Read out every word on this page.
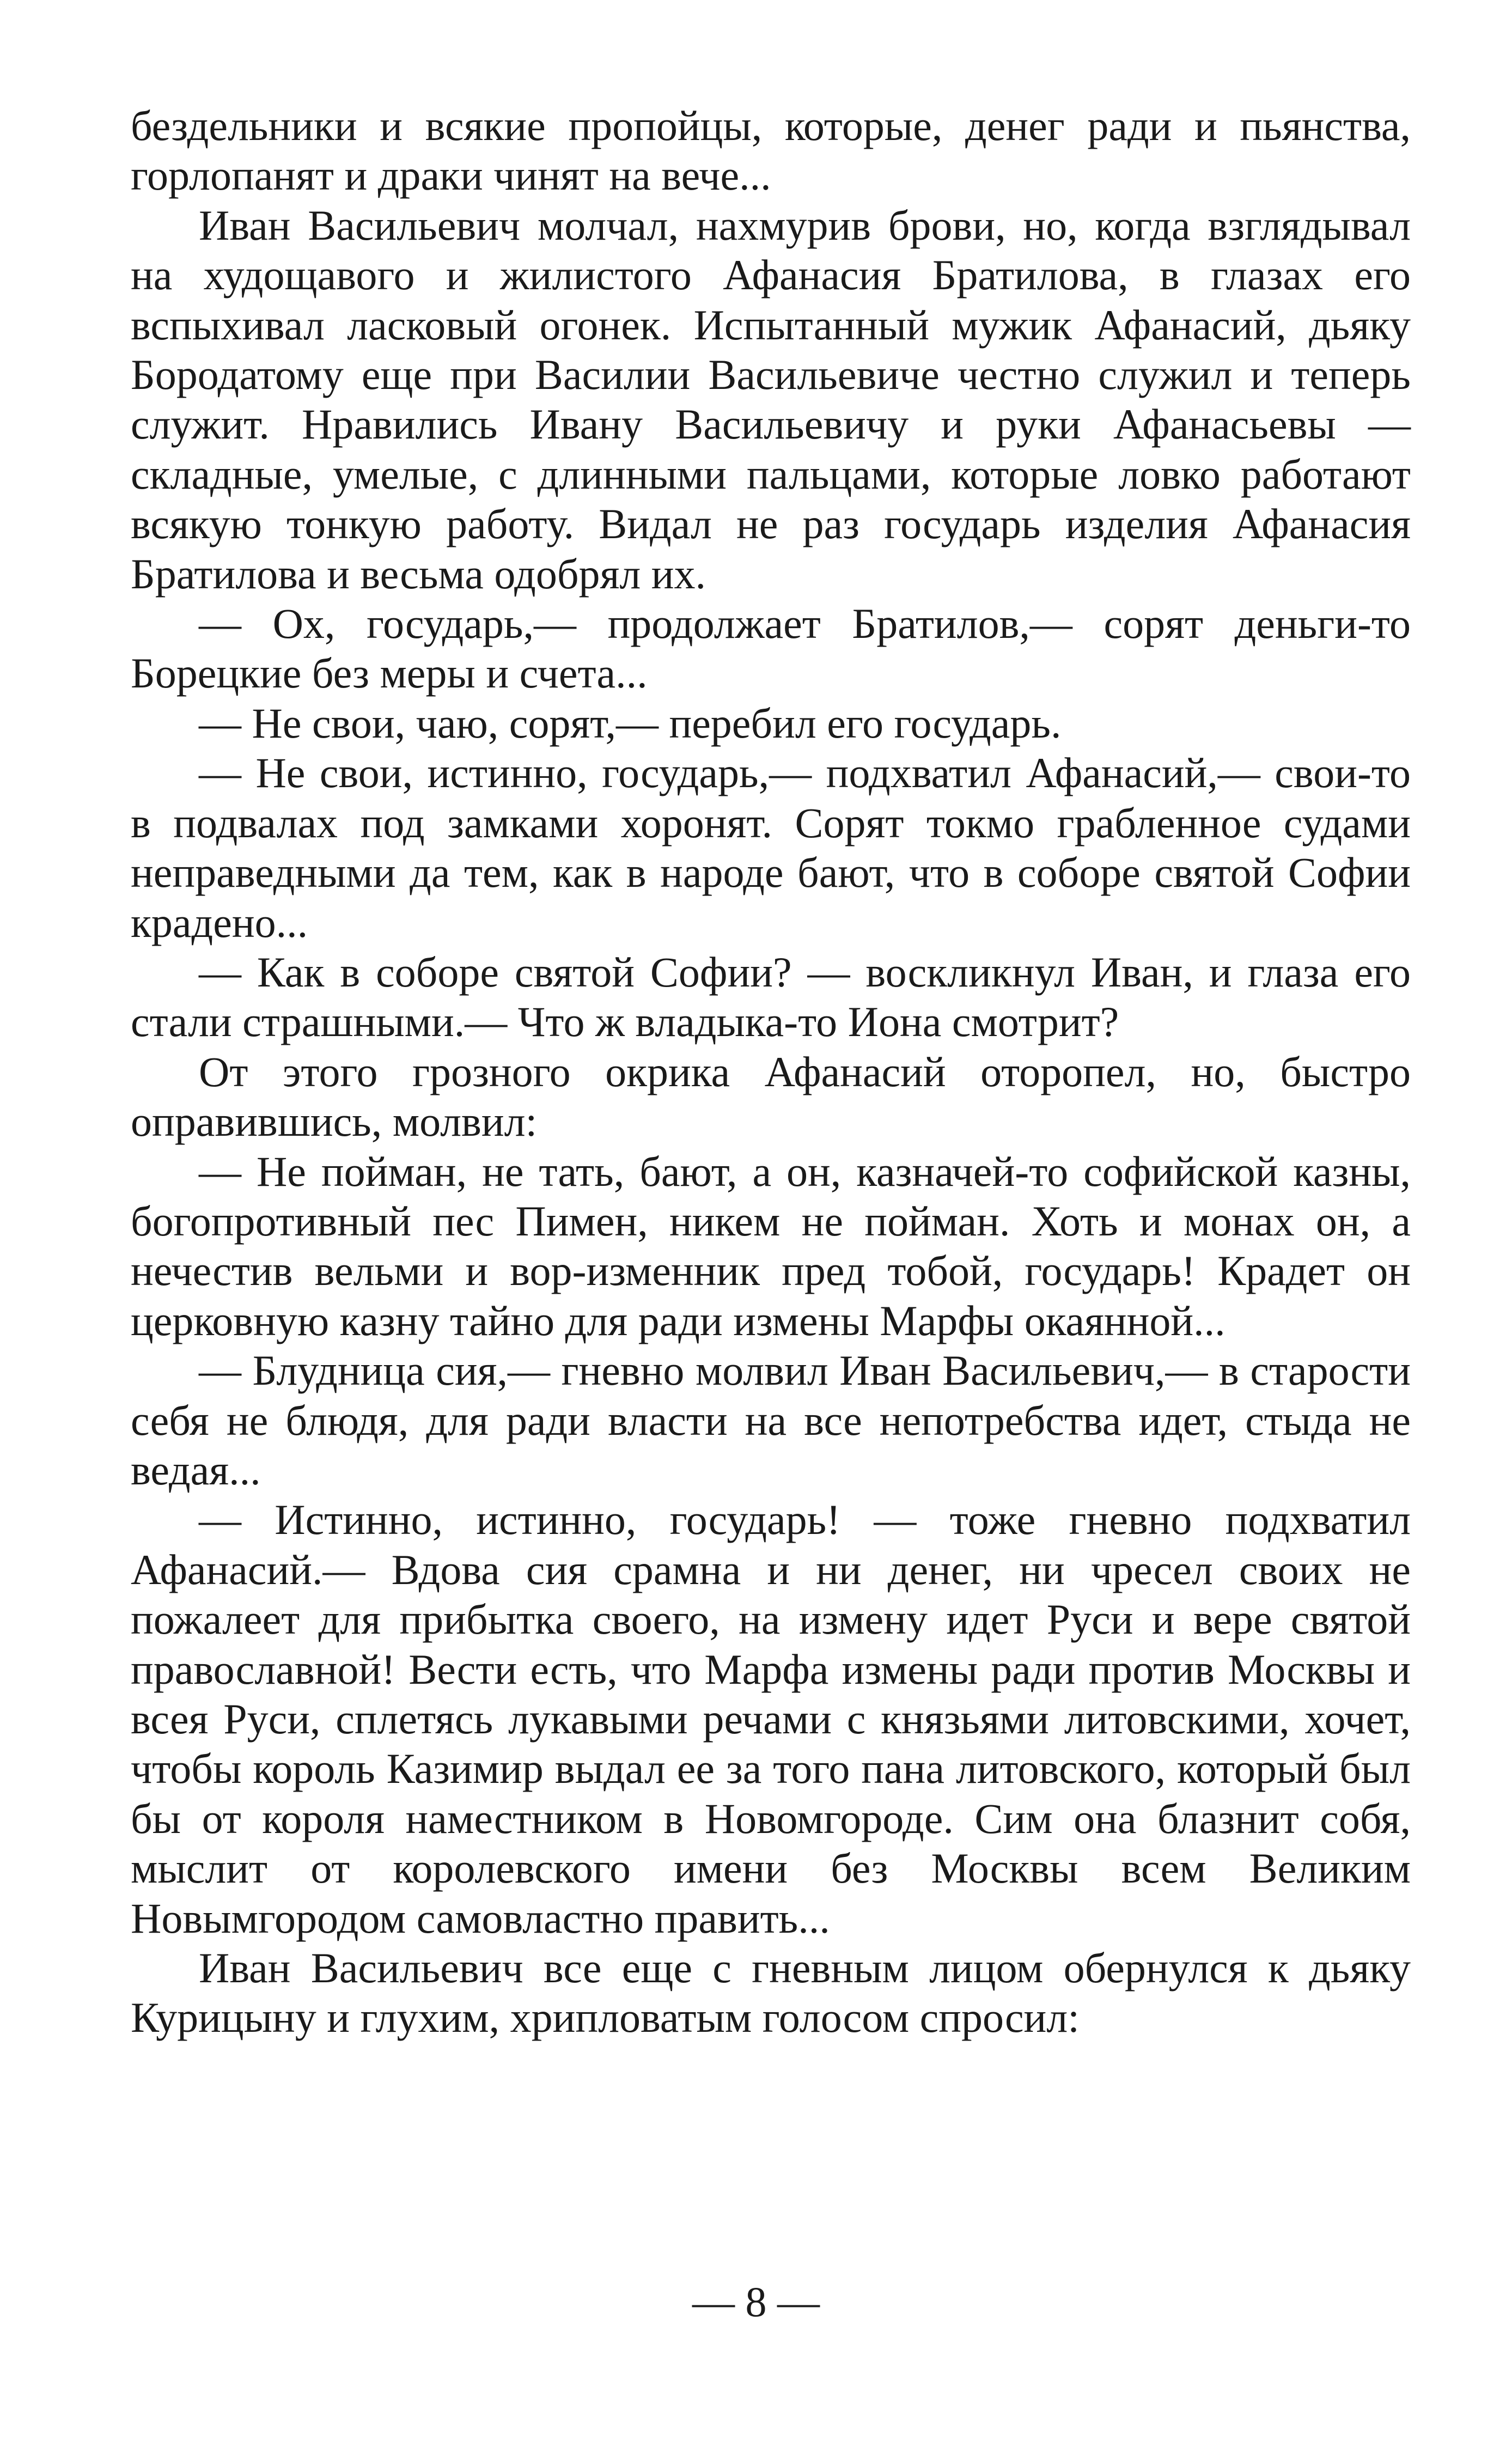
бездельники и всякие пропойцы, которые, денег ради и пьянства, горлопанят и драки чинят на вече...

Иван Васильевич молчал, нахмурив брови, но, когда взглядывал на худощавого и жилистого Афанасия Братилова, в глазах его вспыхивал ласковый огонек. Испытанный мужик Афанасий, дьяку Бородатому еще при Василии Васильевиче честно служил и теперь служит. Нравились Ивану Васильевичу и руки Афанасьевы — складные, умелые, с длинными пальцами, которые ловко работают всякую тонкую работу. Видал не раз государь изделия Афанасия Братилова и весьма одобрял их.

— Ох, государь,— продолжает Братилов,— сорят деньги-то Борецкие без меры и счета...

— Не свои, чаю, сорят,— перебил его государь.

— Не свои, истинно, государь,— подхватил Афанасий,— свои-то в подвалах под замками хоронят. Сорят токмо грабленное судами неправедными да тем, как в народе бают, что в соборе святой Софии крадено...

— Как в соборе святой Софии? — воскликнул Иван, и глаза его стали страшными.— Что ж владыка-то Иона смотрит?

От этого грозного окрика Афанасий оторопел, но, быстро оправившись, молвил:

— Не пойман, не тать, бают, а он, казначей-то софийской казны, богопротивный пес Пимен, никем не пойман. Хоть и монах он, а нечестив вельми и вор-изменник пред тобой, государь! Крадет он церковную казну тайно для ради измены Марфы окаянной...

— Блудница сия,— гневно молвил Иван Васильевич,— в старости себя не блюдя, для ради власти на все непотребства идет, стыда не ведая...

— Истинно, истинно, государь! — тоже гневно подхватил Афанасий.— Вдова сия срамна и ни денег, ни чресел своих не пожалеет для прибытка своего, на измену идет Руси и вере святой православной! Вести есть, что Марфа измены ради против Москвы и всея Руси, сплетясь лукавыми речами с князьями литовскими, хочет, чтобы король Казимир выдал ее за того пана литовского, который был бы от короля наместником в Новомгороде. Сим она блазнит собя, мыслит от королевского имени без Москвы всем Великим Новымгородом самовластно править...

Иван Васильевич все еще с гневным лицом обернулся к дьяку Курицыну и глухим, хрипловатым голосом спросил:

— 8 —
